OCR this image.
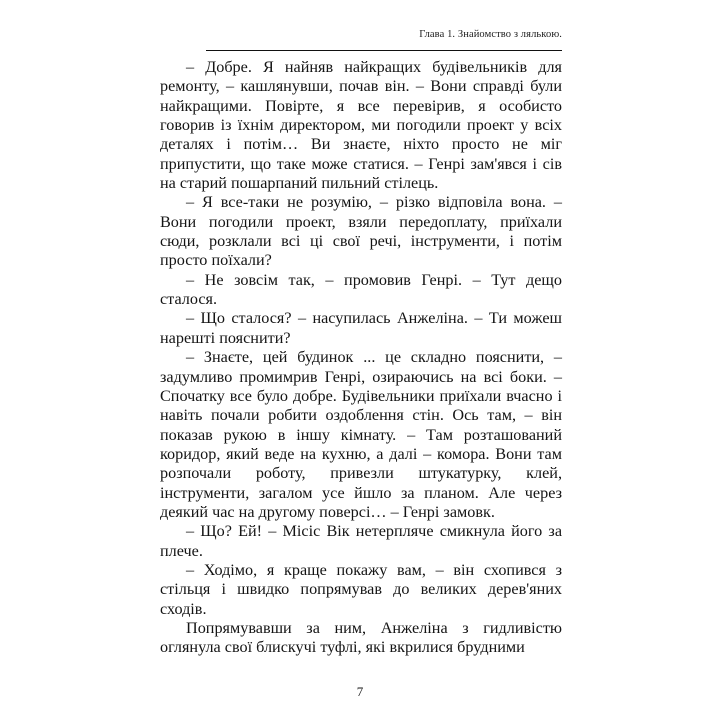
Глава 1. Знайомство з лялькою.

– Добре. Я найняв найкращих будівельників для ремонту, – кашлянувши, почав він. – Вони справді були найкращими. Повірте, я все перевірив, я особисто говорив із їхнім директором, ми погодили проект у всіх деталях і потім… Ви знаєте, ніхто просто не міг припустити, що таке може статися. – Генрі зам'явся і сів на старий пошарпаний пильний стілець.

– Я все-таки не розумію, – різко відповіла вона. – Вони погодили проект, взяли передоплату, приїхали сюди, розклали всі ці свої речі, інструменти, і потім просто поїхали?

– Не зовсім так, – промовив Генрі. – Тут дещо сталося.

– Що сталося? – насупилась Анжеліна. – Ти можеш нарешті пояснити?

– Знаєте, цей будинок ... це складно пояснити, – задумливо промимрив Генрі, озираючись на всі боки. – Спочатку все було добре. Будівельники приїхали вчасно і навіть почали робити оздоблення стін. Ось там, – він показав рукою в іншу кімнату. – Там розташований коридор, який веде на кухню, а далі – комора. Вони там розпочали роботу, привезли штукатурку, клей, інструменти, загалом усе йшло за планом. Але через деякий час на другому поверсі… – Генрі замовк.

– Що? Ей! – Місіс Вік нетерпляче смикнула його за плече.

– Ходімо, я краще покажу вам, – він схопився з стільця і швидко попрямував до великих дерев'яних сходів.

Попрямувавши за ним, Анжеліна з гидливістю оглянула свої блискучі туфлі, які вкрилися брудними

7
